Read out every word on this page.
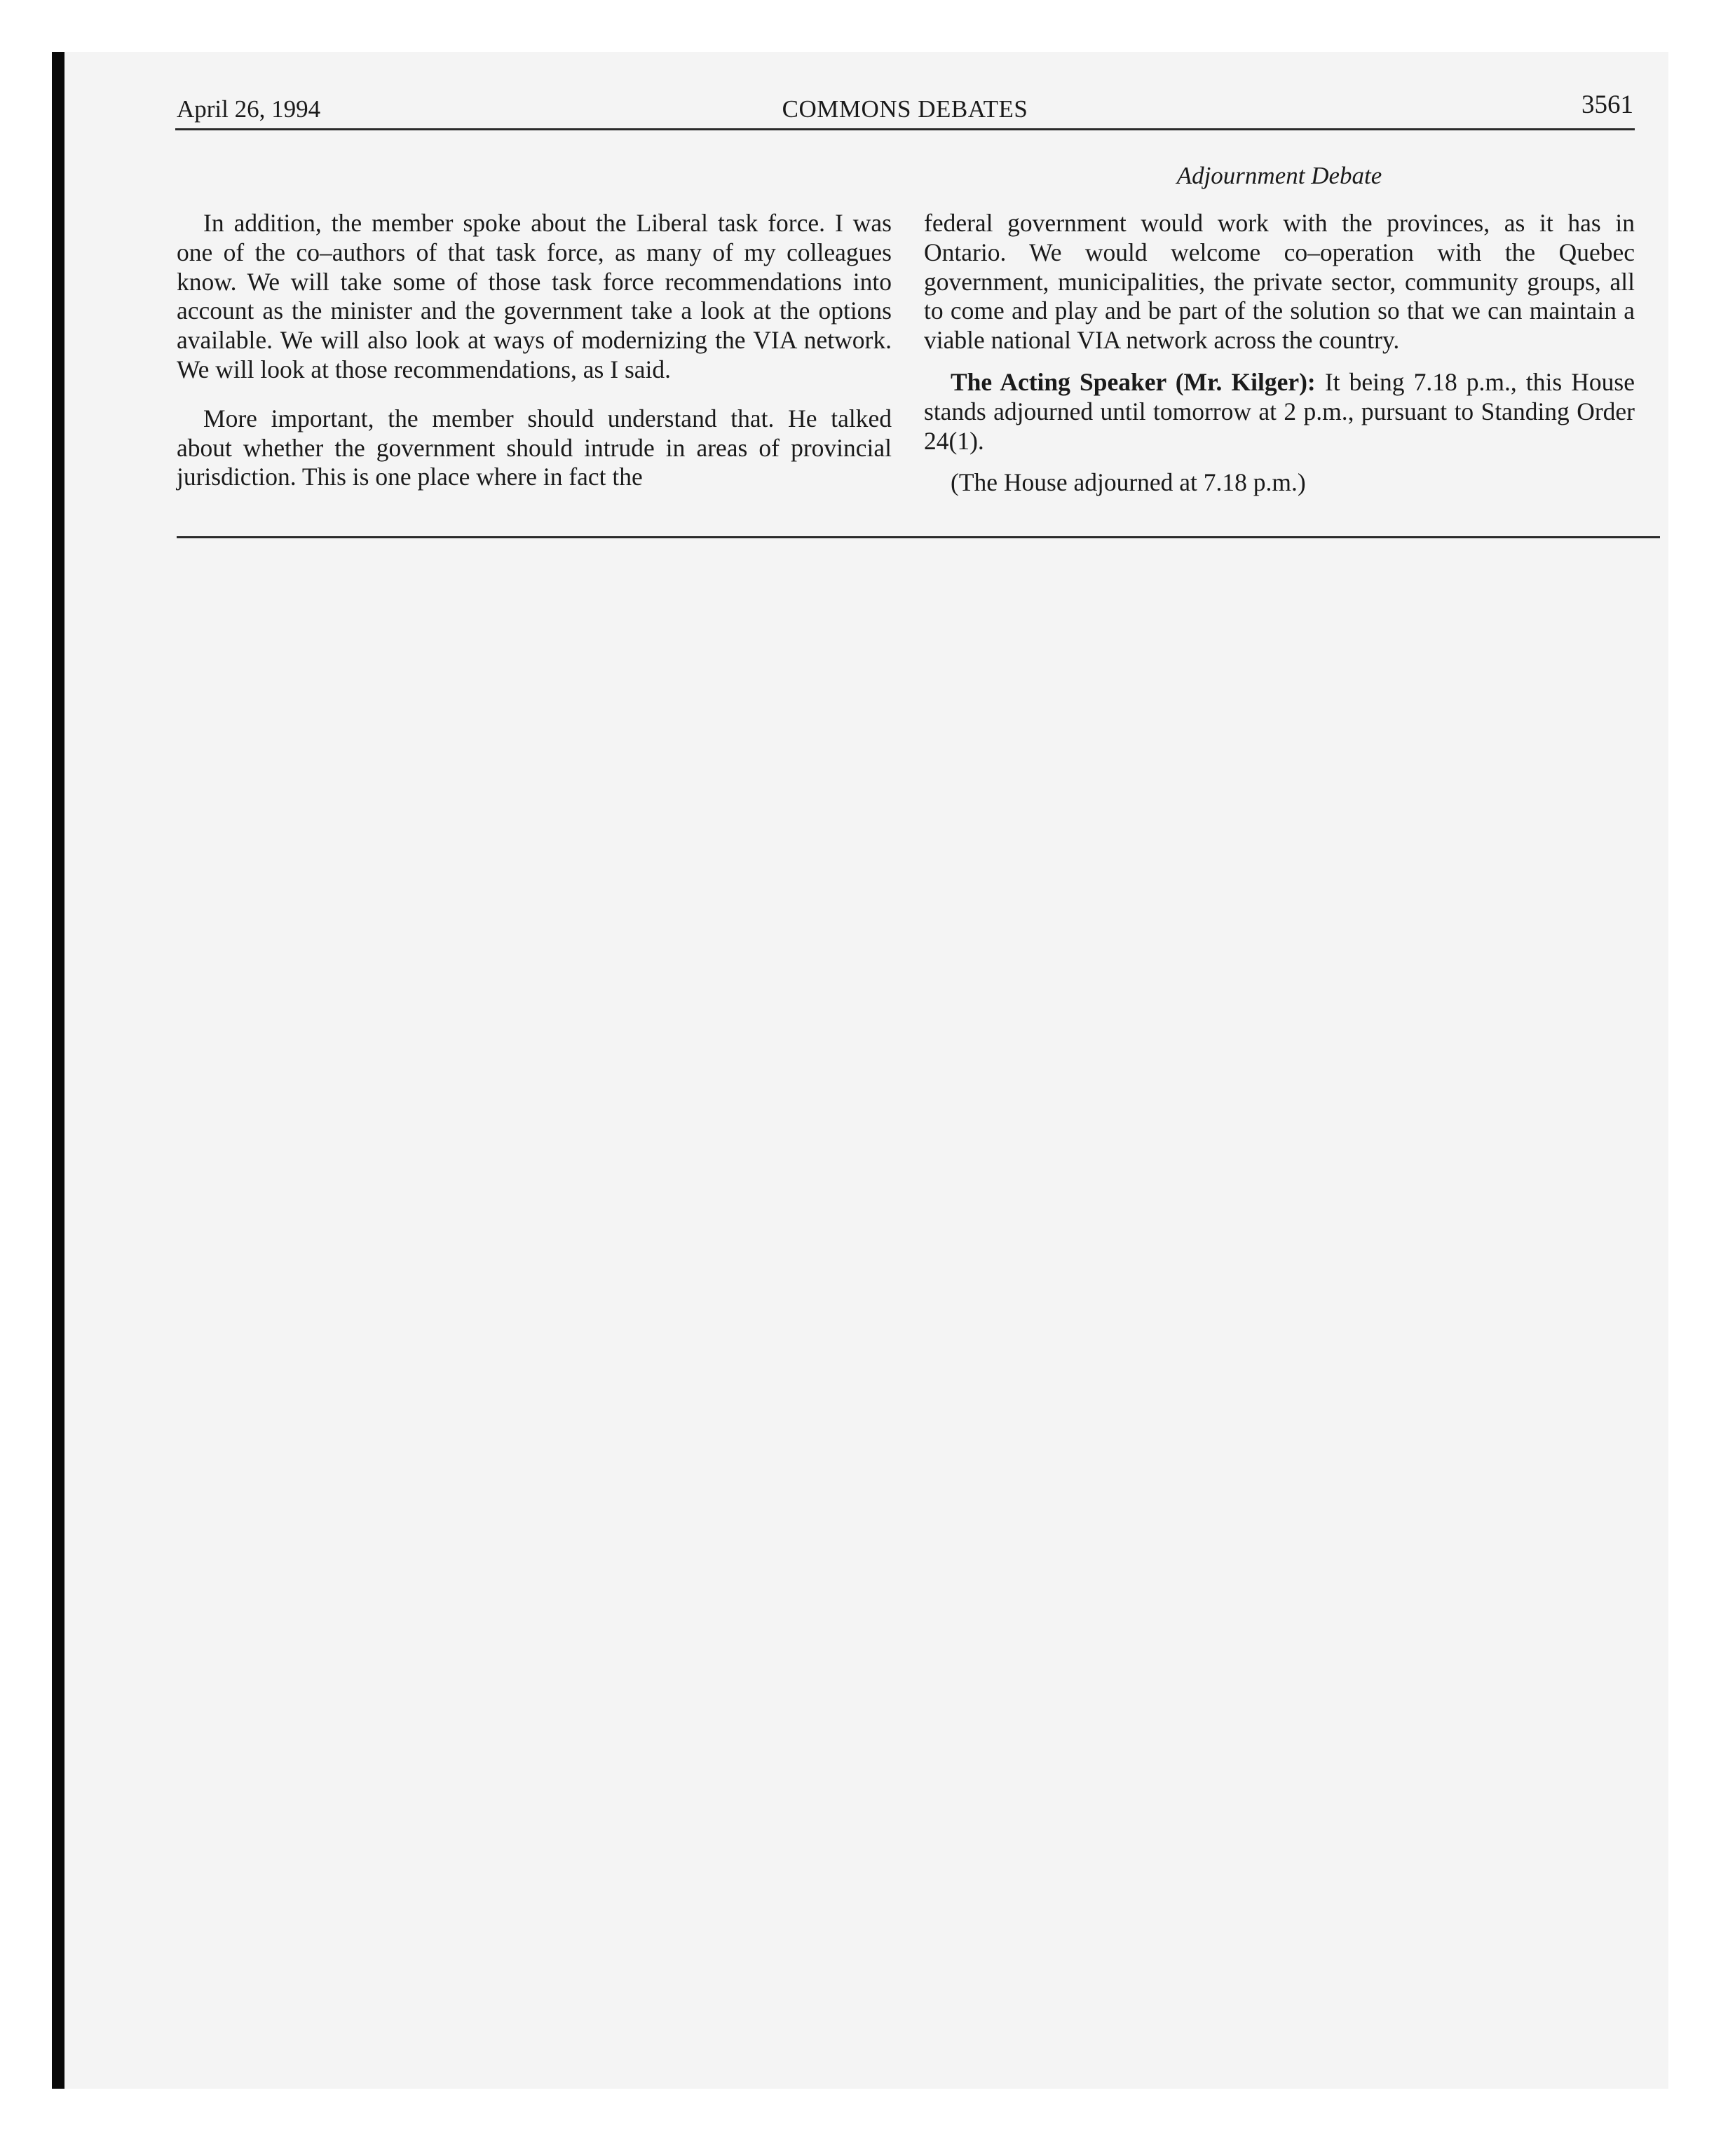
April 26, 1994	COMMONS DEBATES	3561
Adjournment Debate

In addition, the member spoke about the Liberal task force. I was one of the co–authors of that task force, as many of my colleagues know. We will take some of those task force recommendations into account as the minister and the government take a look at the options available. We will also look at ways of modernizing the VIA network. We will look at those recommendations, as I said.

More important, the member should understand that. He talked about whether the government should intrude in areas of provincial jurisdiction. This is one place where in fact the

federal government would work with the provinces, as it has in Ontario. We would welcome co–operation with the Quebec government, municipalities, the private sector, community groups, all to come and play and be part of the solution so that we can maintain a viable national VIA network across the country.

The Acting Speaker (Mr. Kilger): It being 7.18 p.m., this House stands adjourned until tomorrow at 2 p.m., pursuant to Standing Order 24(1).

(The House adjourned at 7.18 p.m.)
